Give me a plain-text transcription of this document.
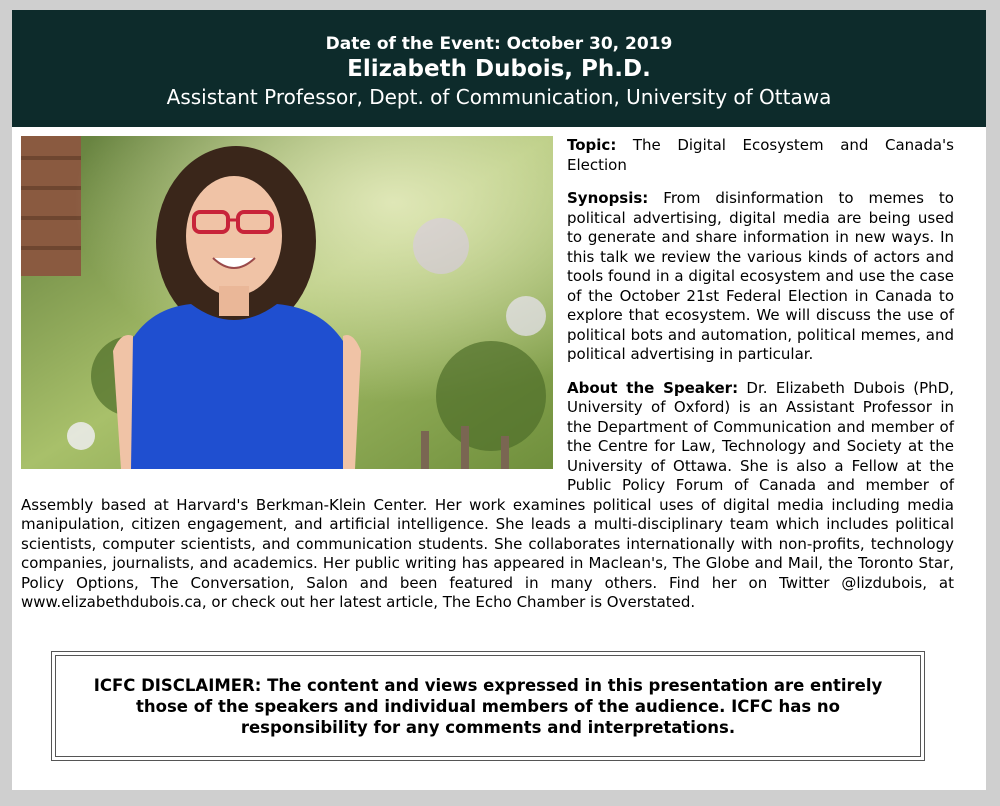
Date of the Event: October 30, 2019
Elizabeth Dubois, Ph.D.
Assistant Professor, Dept. of Communication, University of Ottawa

Topic: The Digital Ecosystem and Canada's Election

Synopsis: From disinformation to memes to political advertising, digital media are being used to generate and share information in new ways. In this talk we review the various kinds of actors and tools found in a digital ecosystem and use the case of the October 21st Federal Election in Canada to explore that ecosystem. We will discuss the use of political bots and automation, political memes, and political advertising in particular.

About the Speaker: Dr. Elizabeth Dubois (PhD, University of Oxford) is an Assistant Professor in the Department of Communication and member of the Centre for Law, Technology and Society at the University of Ottawa. She is also a Fellow at the Public Policy Forum of Canada and member of Assembly based at Harvard's Berkman-Klein Center. Her work examines political uses of digital media including media manipulation, citizen engagement, and artificial intelligence. She leads a multi-disciplinary team which includes political scientists, computer scientists, and communication students. She collaborates internationally with non-profits, technology companies, journalists, and academics. Her public writing has appeared in Maclean's, The Globe and Mail, the Toronto Star, Policy Options, The Conversation, Salon and been featured in many others. Find her on Twitter @lizdubois, at www.elizabethdubois.ca, or check out her latest article, The Echo Chamber is Overstated.

ICFC DISCLAIMER: The content and views expressed in this presentation are entirely those of the speakers and individual members of the audience. ICFC has no responsibility for any comments and interpretations.
